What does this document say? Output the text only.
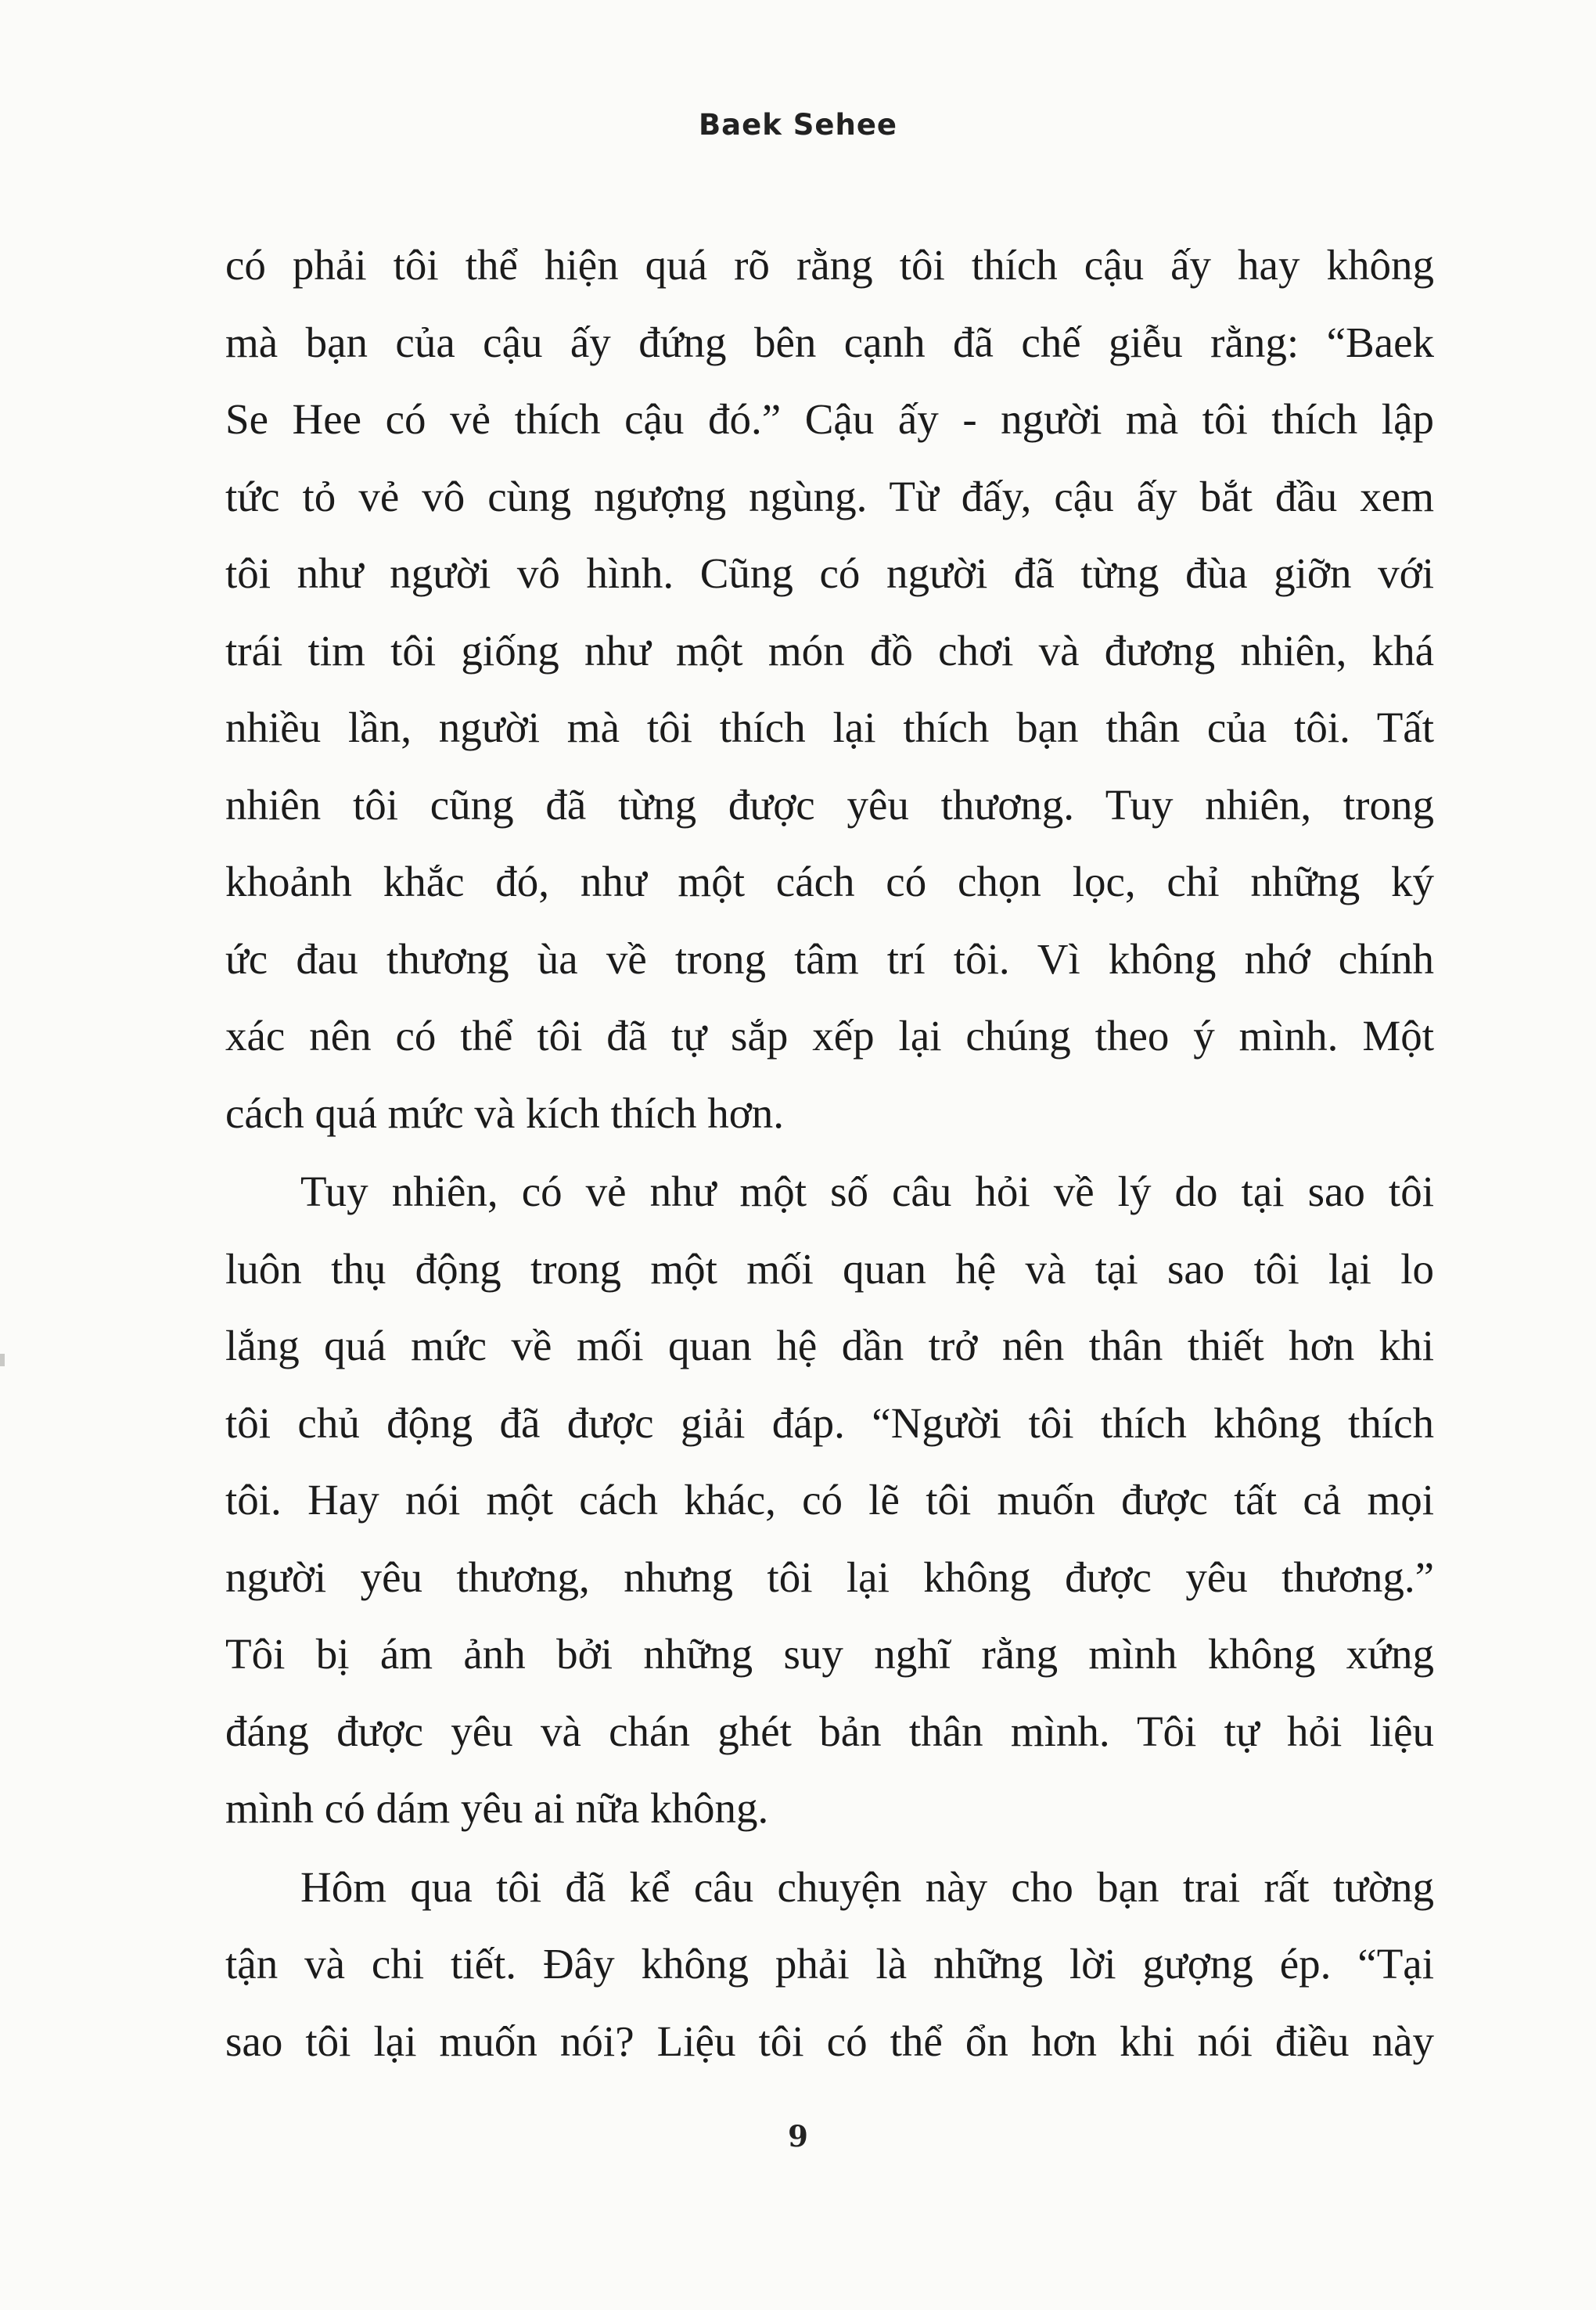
Baek Sehee
có phải tôi thể hiện quá rõ rằng tôi thích cậu ấy hay không
mà bạn của cậu ấy đứng bên cạnh đã chế giễu rằng: “Baek
Se Hee có vẻ thích cậu đó.” Cậu ấy - người mà tôi thích lập
tức tỏ vẻ vô cùng ngượng ngùng. Từ đấy, cậu ấy bắt đầu xem
tôi như người vô hình. Cũng có người đã từng đùa giỡn với
trái tim tôi giống như một món đồ chơi và đương nhiên, khá
nhiều lần, người mà tôi thích lại thích bạn thân của tôi. Tất
nhiên tôi cũng đã từng được yêu thương. Tuy nhiên, trong
khoảnh khắc đó, như một cách có chọn lọc, chỉ những ký
ức đau thương ùa về trong tâm trí tôi. Vì không nhớ chính
xác nên có thể tôi đã tự sắp xếp lại chúng theo ý mình. Một
cách quá mức và kích thích hơn.
Tuy nhiên, có vẻ như một số câu hỏi về lý do tại sao tôi
luôn thụ động trong một mối quan hệ và tại sao tôi lại lo
lắng quá mức về mối quan hệ dần trở nên thân thiết hơn khi
tôi chủ động đã được giải đáp. “Người tôi thích không thích
tôi. Hay nói một cách khác, có lẽ tôi muốn được tất cả mọi
người yêu thương, nhưng tôi lại không được yêu thương.”
Tôi bị ám ảnh bởi những suy nghĩ rằng mình không xứng
đáng được yêu và chán ghét bản thân mình. Tôi tự hỏi liệu
mình có dám yêu ai nữa không.
Hôm qua tôi đã kể câu chuyện này cho bạn trai rất tường
tận và chi tiết. Đây không phải là những lời gượng ép. “Tại
sao tôi lại muốn nói? Liệu tôi có thể ổn hơn khi nói điều này
9
